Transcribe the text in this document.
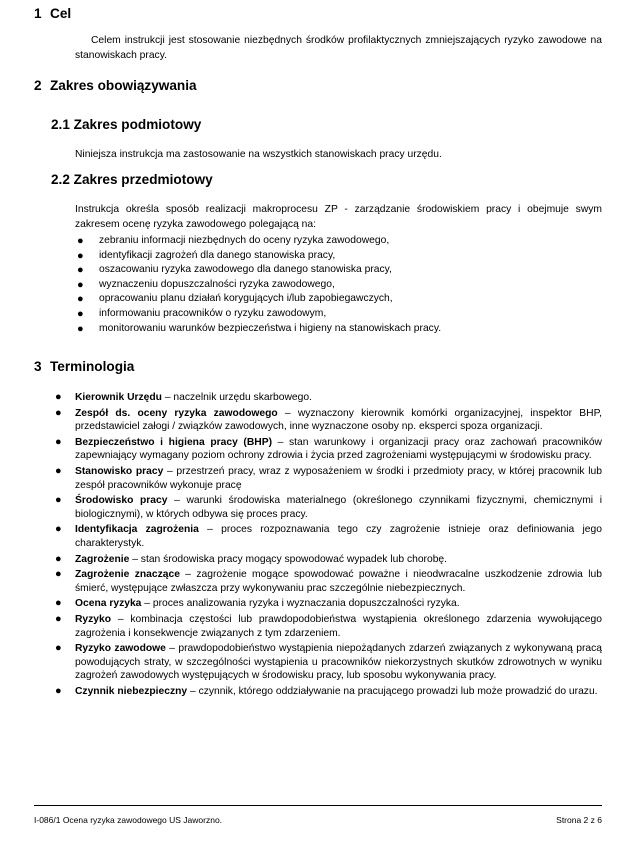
1 Cel

Celem instrukcji jest stosowanie niezbędnych środków profilaktycznych zmniejszających ryzyko zawodowe na stanowiskach pracy.

2 Zakres obowiązywania
2.1 Zakres podmiotowy

Niniejsza instrukcja ma zastosowanie na wszystkich stanowiskach pracy urzędu.

2.2 Zakres przedmiotowy

Instrukcja określa sposób realizacji makroprocesu ZP - zarządzanie środowiskiem pracy i obejmuje swym zakresem ocenę ryzyka zawodowego polegającą na:

● zebraniu informacji niezbędnych do oceny ryzyka zawodowego,
● identyfikacji zagrożeń dla danego stanowiska pracy,
● oszacowaniu ryzyka zawodowego dla danego stanowiska pracy,
● wyznaczeniu dopuszczalności ryzyka zawodowego,
● opracowaniu planu działań korygujących i/lub zapobiegawczych,
● informowaniu pracowników o ryzyku zawodowym,
● monitorowaniu warunków bezpieczeństwa i higieny na stanowiskach pracy.
3 Terminologia
● Kierownik Urzędu – naczelnik urzędu skarbowego.
● Zespół ds. oceny ryzyka zawodowego – wyznaczony kierownik komórki organizacyjnej, inspektor BHP, przedstawiciel załogi / związków zawodowych, inne wyznaczone osoby np. eksperci spoza organizacji.
● Bezpieczeństwo i higiena pracy (BHP) – stan warunkowy i organizacji pracy oraz zachowań pracowników zapewniający wymagany poziom ochrony zdrowia i życia przed zagrożeniami występującymi w środowisku pracy.
● Stanowisko pracy – przestrzeń pracy, wraz z wyposażeniem w środki i przedmioty pracy, w której pracownik lub zespół pracowników wykonuje pracę
● Środowisko pracy – warunki środowiska materialnego (określonego czynnikami fizycznymi, chemicznymi i biologicznymi), w których odbywa się proces pracy.
● Identyfikacja zagrożenia – proces rozpoznawania tego czy zagrożenie istnieje oraz definiowania jego charakterystyk.
● Zagrożenie – stan środowiska pracy mogący spowodować wypadek lub chorobę.
● Zagrożenie znaczące – zagrożenie mogące spowodować poważne i nieodwracalne uszkodzenie zdrowia lub śmierć, występujące zwłaszcza przy wykonywaniu prac szczególnie niebezpiecznych.
● Ocena ryzyka – proces analizowania ryzyka i wyznaczania dopuszczalności ryzyka.
● Ryzyko – kombinacja częstości lub prawdopodobieństwa wystąpienia określonego zdarzenia wywołującego zagrożenia i konsekwencje związanych z tym zdarzeniem.
● Ryzyko zawodowe – prawdopodobieństwo wystąpienia niepożądanych zdarzeń związanych z wykonywaną pracą powodujących straty, w szczególności wystąpienia u pracowników niekorzystnych skutków zdrowotnych w wyniku zagrożeń zawodowych występujących w środowisku pracy, lub sposobu wykonywania pracy.
● Czynnik niebezpieczny – czynnik, którego oddziaływanie na pracującego prowadzi lub może prowadzić do urazu.
I-086/1 Ocena ryzyka zawodowego US Jaworzno.	Strona 2 z 6
